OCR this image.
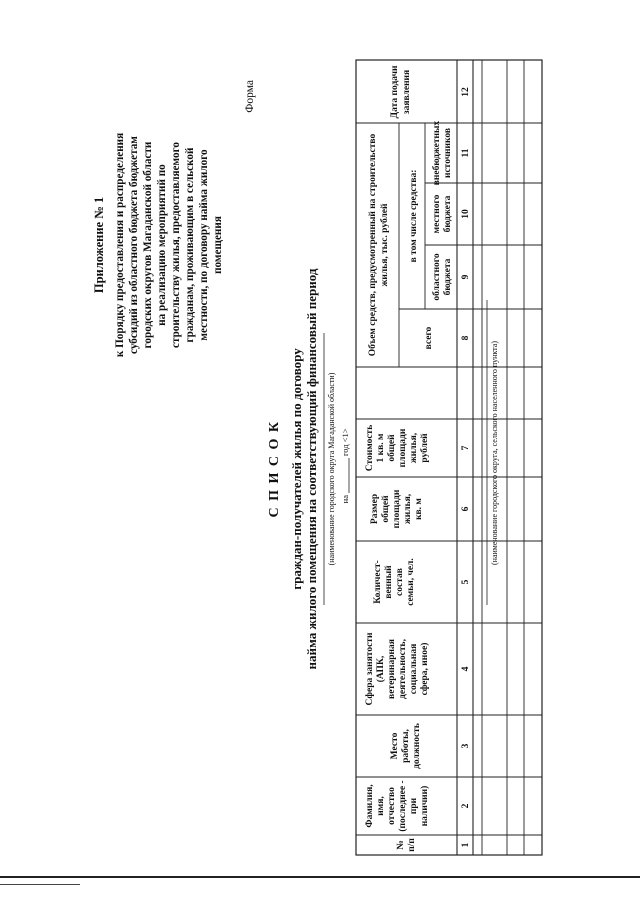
Приложение № 1 к Порядку предоставления и распределения субсидий из областного бюджета бюджетам городских округов Магаданской области на реализацию мероприятий по строительству жилья, предоставляемого гражданам, проживающим в сельской местности, по договору найма жилого помещения
Форма
С П И С О К граждан-получателей жилья по договору найма жилого помещения на соответствующий финансовый период (наименование городского округа Магаданской области) на
год <1>
№ п/п
Фамилия, имя, отчество (последнее - при наличии)
Место работы, должность
Сфера занятости (АПК, ветеринарная деятельность, социальная сфера, иное)
Количест- венный состав семьи, чел.
Размер общей площади жилья, кв. м
Стоимость 1 кв. м общей площади жилья, рублей
Объем средств, предусмотренный на строительство жилья, тыс. рублей
всего
в том числе средства:
областного бюджета
местного бюджета
внебюджетных источников
Дата подачи заявления
1
2
3
4
5
6
7
8
9
10
11
12
(наименование городского округа, сельского населенного пункта)
